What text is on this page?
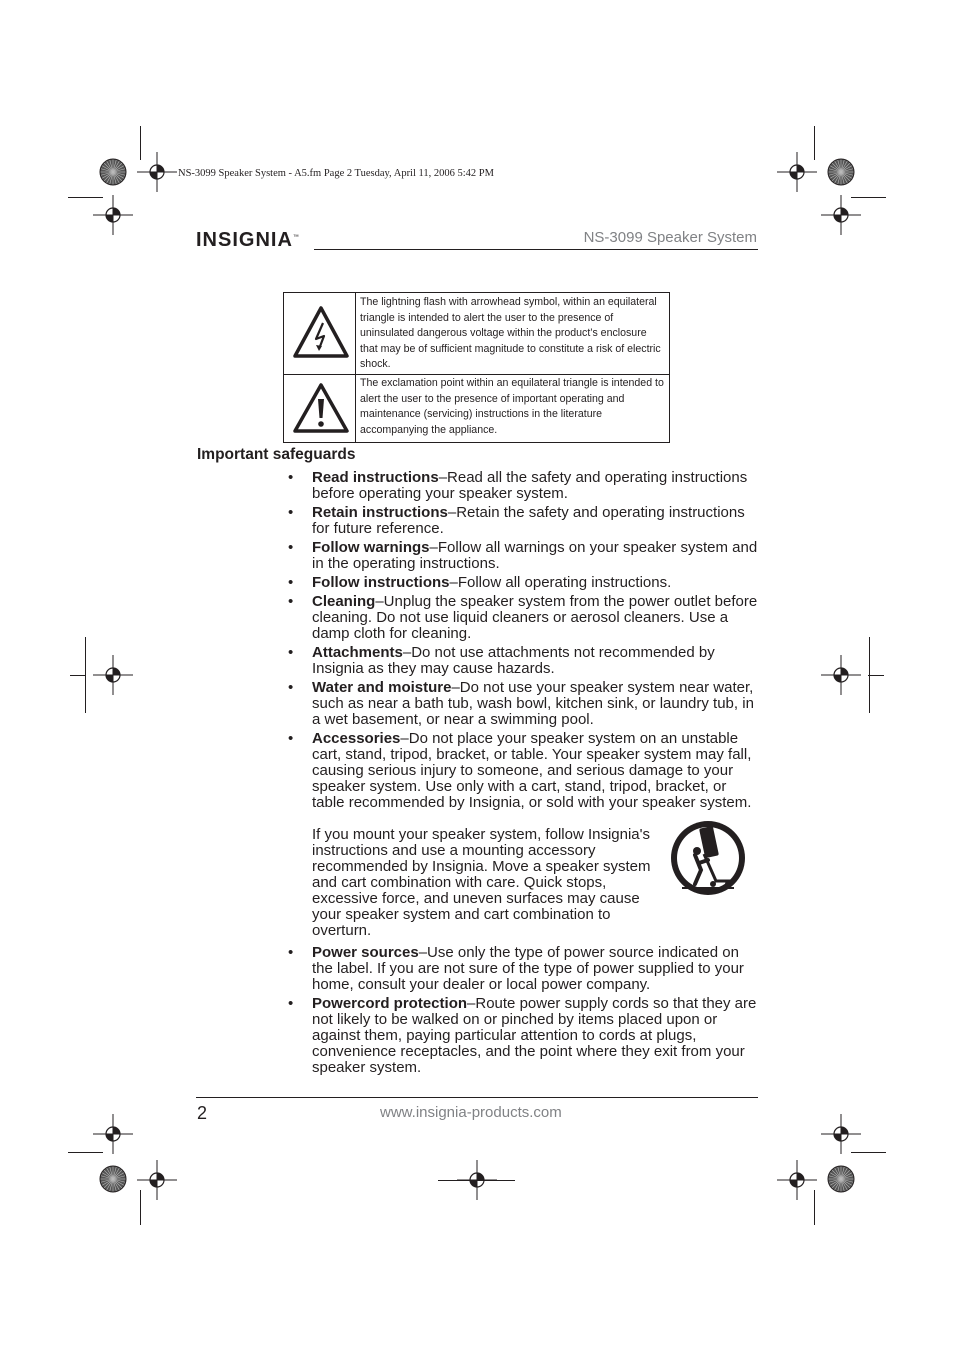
NS-3099 Speaker System - A5.fm Page 2 Tuesday, April 11, 2006 5:42 PM
INSIGNIA™	NS-3099 Speaker System
The lightning flash with arrowhead symbol, within an equilateral triangle is intended to alert the user to the presence of uninsulated dangerous voltage within the product’s enclosure that may be of sufficient magnitude to constitute a risk of electric shock.
The exclamation point within an equilateral triangle is intended to alert the user to the presence of important operating and maintenance (servicing) instructions in the literature accompanying the appliance.
Important safeguards
• Read instructions–Read all the safety and operating instructions before operating your speaker system.
• Retain instructions–Retain the safety and operating instructions for future reference.
• Follow warnings–Follow all warnings on your speaker system and in the operating instructions.
• Follow instructions–Follow all operating instructions.
• Cleaning–Unplug the speaker system from the power outlet before cleaning. Do not use liquid cleaners or aerosol cleaners. Use a damp cloth for cleaning.
• Attachments–Do not use attachments not recommended by Insignia as they may cause hazards.
• Water and moisture–Do not use your speaker system near water, such as near a bath tub, wash bowl, kitchen sink, or laundry tub, in a wet basement, or near a swimming pool.
• Accessories–Do not place your speaker system on an unstable cart, stand, tripod, bracket, or table. Your speaker system may fall, causing serious injury to someone, and serious damage to your speaker system. Use only with a cart, stand, tripod, bracket, or table recommended by Insignia, or sold with your speaker system.
If you mount your speaker system, follow Insignia's instructions and use a mounting accessory recommended by Insignia. Move a speaker system and cart combination with care. Quick stops, excessive force, and uneven surfaces may cause your speaker system and cart combination to overturn.
• Power sources–Use only the type of power source indicated on the label. If you are not sure of the type of power supplied to your home, consult your dealer or local power company.
• Powercord protection–Route power supply cords so that they are not likely to be walked on or pinched by items placed upon or against them, paying particular attention to cords at plugs, convenience receptacles, and the point where they exit from your speaker system.
2	www.insignia-products.com
